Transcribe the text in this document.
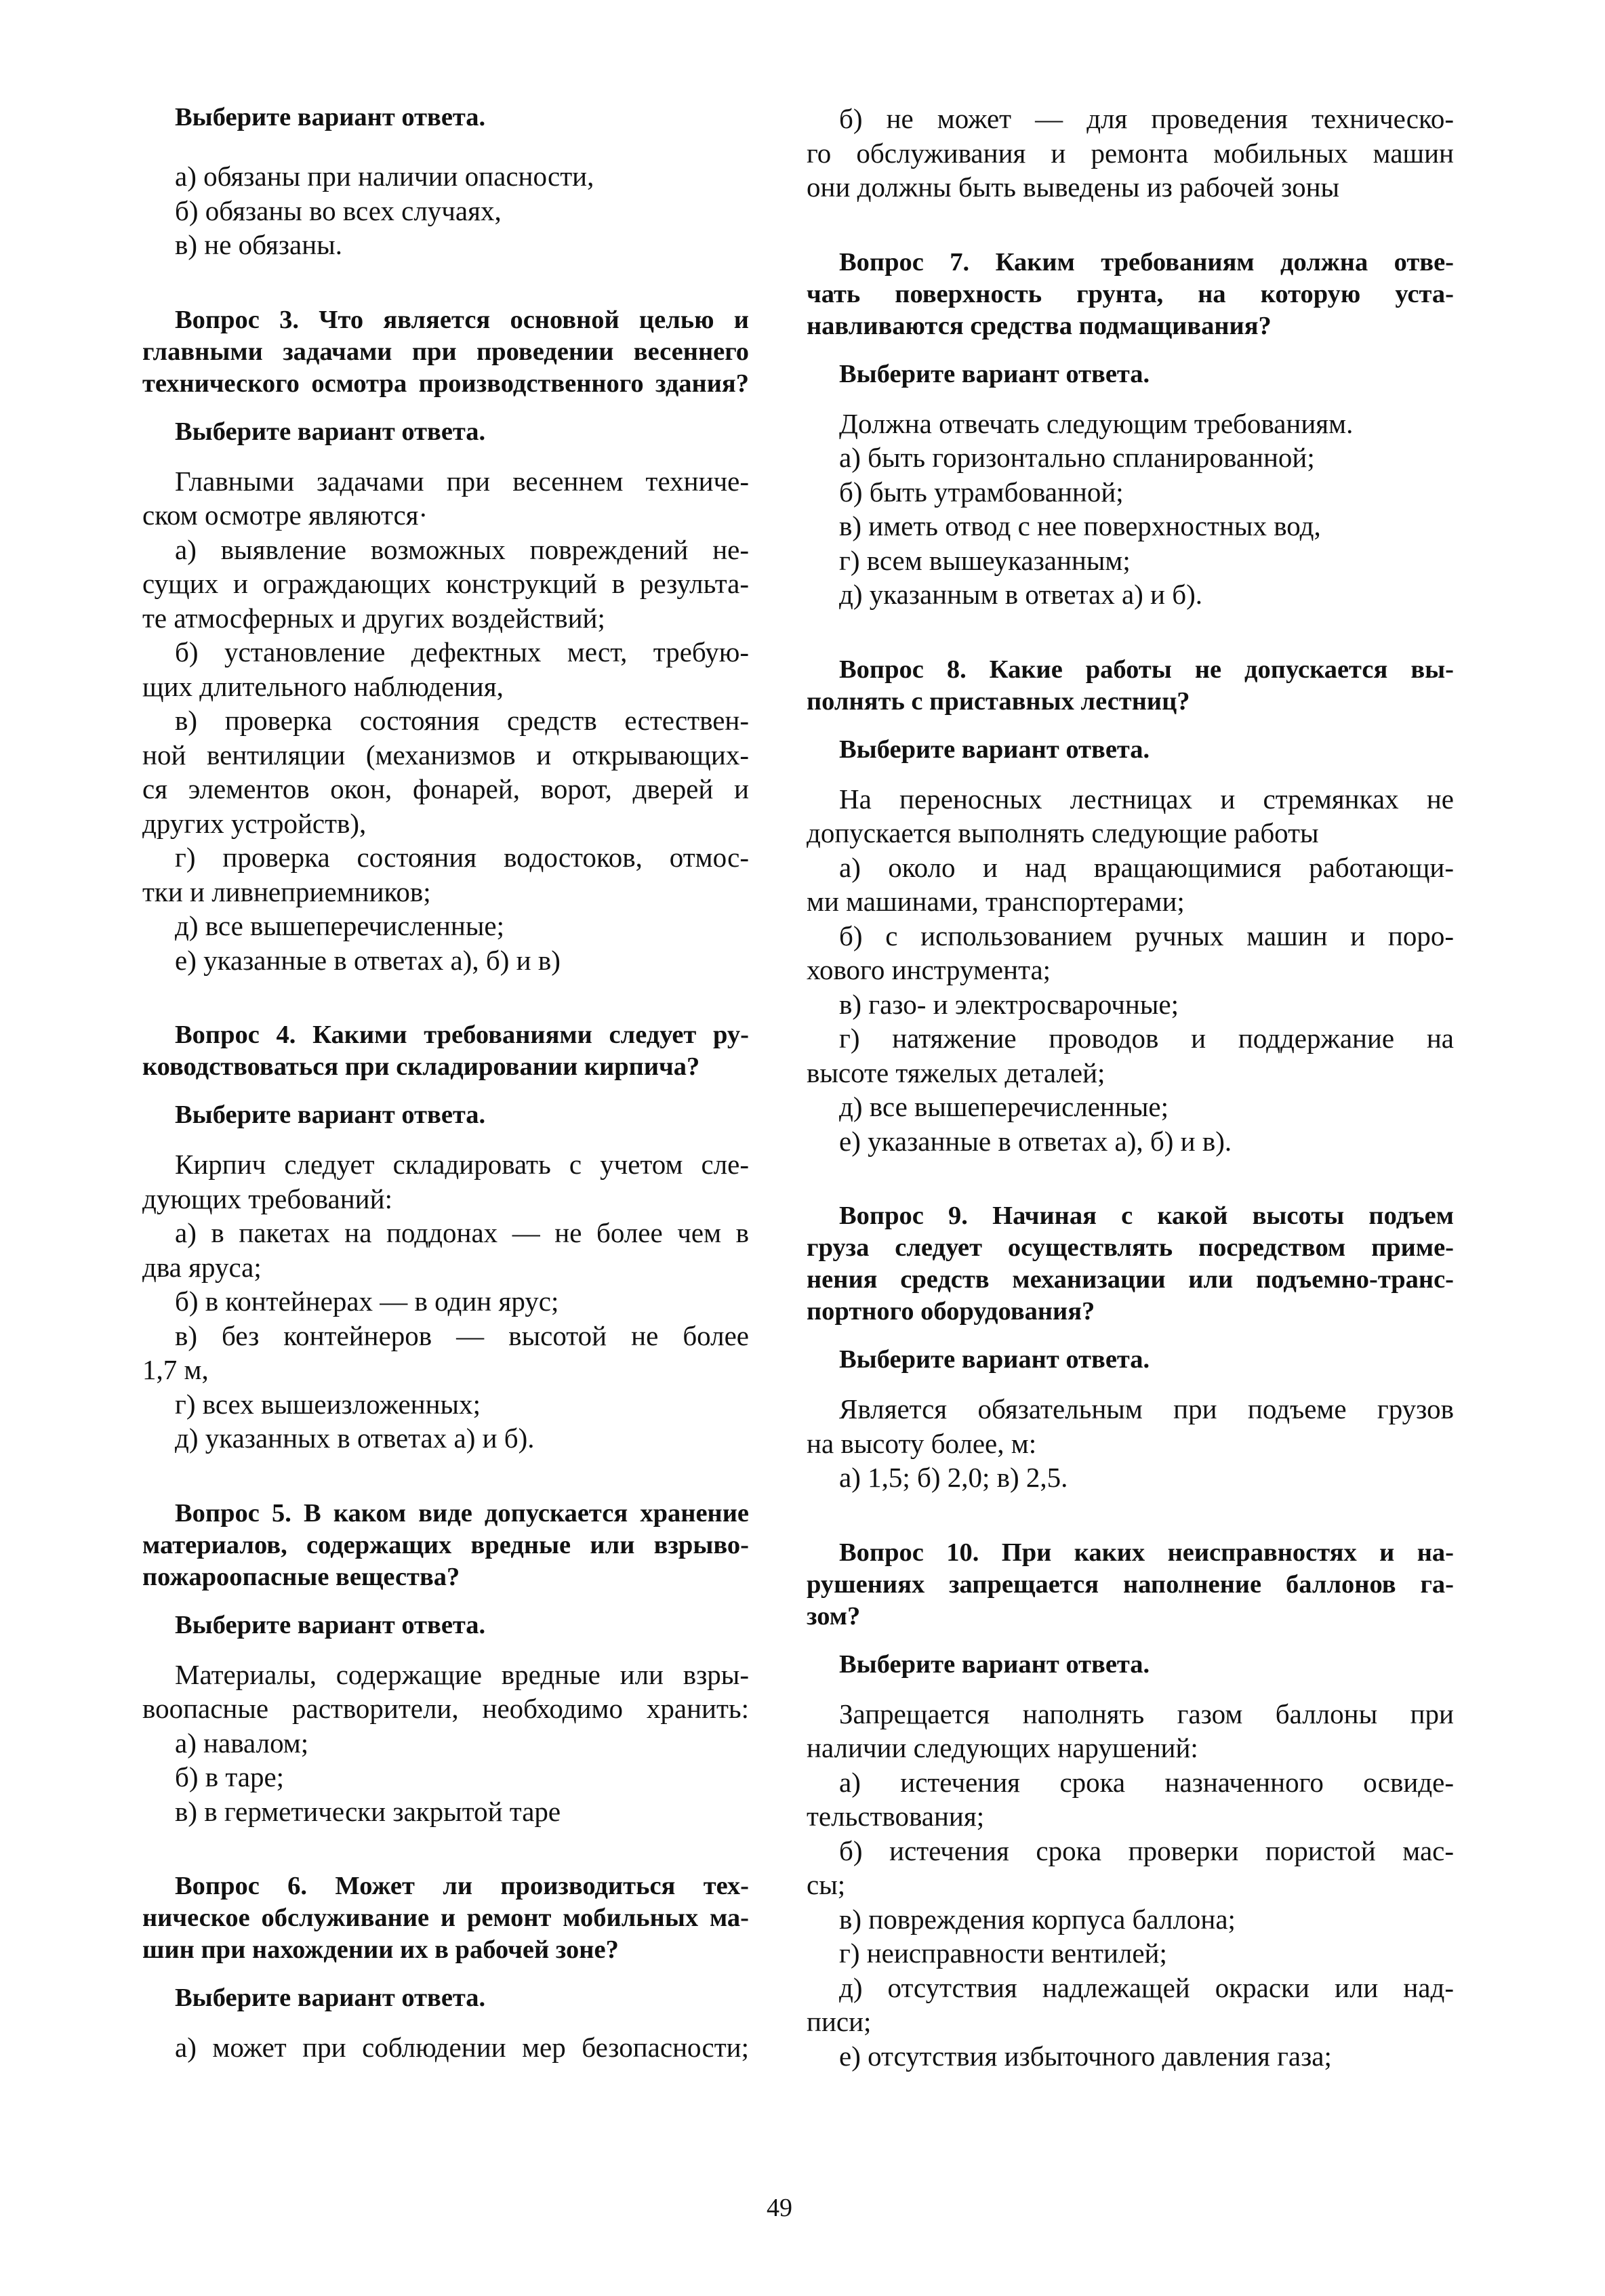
Выберите вариант ответа.

а) обязаны при наличии опасности,

б) обязаны во всех случаях,

в) не обязаны.

Вопрос 3. Что является основной целью и

главными задачами при проведении весеннего

технического осмотра производственного здания?

Выберите вариант ответа.

Главными задачами при весеннем техниче-

ском осмотре являются·

а) выявление возможных повреждений не-

сущих и ограждающих конструкций в результа-

те атмосферных и других воздействий;

б) установление дефектных мест, требую-

щих длительного наблюдения,

в) проверка состояния средств естествен-

ной вентиляции (механизмов и открывающих-

ся элементов окон, фонарей, ворот, дверей и

других устройств),

г) проверка состояния водостоков, отмос-

тки и ливнеприемников;

д) все вышеперечисленные;

е) указанные в ответах а), б) и в)

Вопрос 4. Какими требованиями следует ру-

ководствоваться при складировании кирпича?

Выберите вариант ответа.

Кирпич следует складировать с учетом сле-

дующих требований:

а) в пакетах на поддонах — не более чем в

два яруса;

б) в контейнерах — в один ярус;

в) без контейнеров — высотой не более

1,7 м,

г) всех вышеизложенных;

д) указанных в ответах а) и б).

Вопрос 5. В каком виде допускается хранение

материалов, содержащих вредные или взрыво-

пожароопасные вещества?

Выберите вариант ответа.

Материалы, содержащие вредные или взры-

воопасные растворители, необходимо хранить:

а) навалом;

б) в таре;

в) в герметически закрытой таре

Вопрос 6. Может ли производиться тех-

ническое обслуживание и ремонт мобильных ма-

шин при нахождении их в рабочей зоне?

Выберите вариант ответа.

а) может при соблюдении мер безопасности;

б) не может — для проведения техническо-

го обслуживания и ремонта мобильных машин

они должны быть выведены из рабочей зоны

Вопрос 7. Каким требованиям должна отве-

чать поверхность грунта, на которую уста-

навливаются средства подмащивания?

Выберите вариант ответа.

Должна отвечать следующим требованиям.

а) быть горизонтально спланированной;

б) быть утрамбованной;

в) иметь отвод с нее поверхностных вод,

г) всем вышеуказанным;

д) указанным в ответах а) и б).

Вопрос 8. Какие работы не допускается вы-

полнять с приставных лестниц?

Выберите вариант ответа.

На переносных лестницах и стремянках не

допускается выполнять следующие работы

а) около и над вращающимися работающи-

ми машинами, транспортерами;

б) с использованием ручных машин и поро-

хового инструмента;

в) газо- и электросварочные;

г) натяжение проводов и поддержание на

высоте тяжелых деталей;

д) все вышеперечисленные;

е) указанные в ответах а), б) и в).

Вопрос 9. Начиная с какой высоты подъем

груза следует осуществлять посредством приме-

нения средств механизации или подъемно-транс-

портного оборудования?

Выберите вариант ответа.

Является обязательным при подъеме грузов

на высоту более, м:

а) 1,5; б) 2,0; в) 2,5.

Вопрос 10. При каких неисправностях и на-

рушениях запрещается наполнение баллонов га-

зом?

Выберите вариант ответа.

Запрещается наполнять газом баллоны при

наличии следующих нарушений:

а) истечения срока назначенного освиде-

тельствования;

б) истечения срока проверки пористой мас-

сы;

в) повреждения корпуса баллона;

г) неисправности вентилей;

д) отсутствия надлежащей окраски или над-

писи;

е) отсутствия избыточного давления газа;

49
